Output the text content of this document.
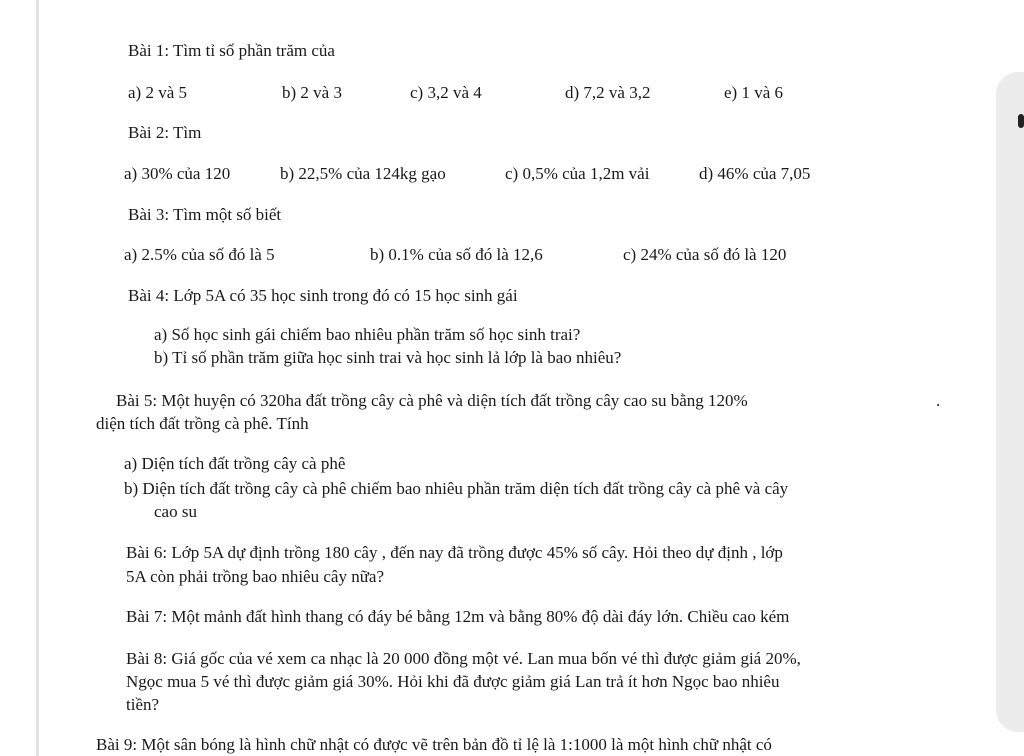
Bài 1: Tìm tỉ số phần trăm của
a) 2 và 5	b) 2 và 3	c) 3,2 và 4	d) 7,2 và 3,2	e) 1 và 6
Bài 2: Tìm
a) 30% của 120	b) 22,5% của 124kg gạo	c) 0,5% của 1,2m vải	d) 46% của 7,05
Bài 3: Tìm một số biết
a) 2.5% của số đó là 5	b) 0.1% của số đó là 12,6	c) 24% của số đó là 120
Bài 4: Lớp 5A có 35 học sinh trong đó có 15 học sinh gái
a) Số học sinh gái chiếm bao nhiêu phần trăm số học sinh trai?
b) Tỉ số phần trăm giữa học sinh trai và học sinh lả lớp là bao nhiêu?
Bài 5: Một huyện có 320ha đất trồng cây cà phê và diện tích đất trồng cây cao su bằng 120%	.
diện tích đất trồng cà phê. Tính
a) Diện tích đất trồng cây cà phê
b) Diện tích đất trồng cây cà phê chiếm bao nhiêu phần trăm diện tích đất trồng cây cà phê và cây
cao su
Bài 6: Lớp 5A dự định trồng 180 cây , đến nay đã trồng được 45% số cây. Hỏi theo dự định , lớp
5A còn phải trồng bao nhiêu cây nữa?
Bài 7: Một mảnh đất hình thang có đáy bé bằng 12m và bằng 80% độ dài đáy lớn. Chiều cao kém
Bài 8: Giá gốc của vé xem ca nhạc là 20 000 đồng một vé. Lan mua bốn vé thì được giảm giá 20%,
Ngọc mua 5 vé thì được giảm giá 30%. Hỏi khi đã được giảm giá Lan trả ít hơn Ngọc bao nhiêu
tiền?
Bài 9: Một sân bóng là hình chữ nhật có được vẽ trên bản đồ tỉ lệ là 1:1000 là một hình chữ nhật có
